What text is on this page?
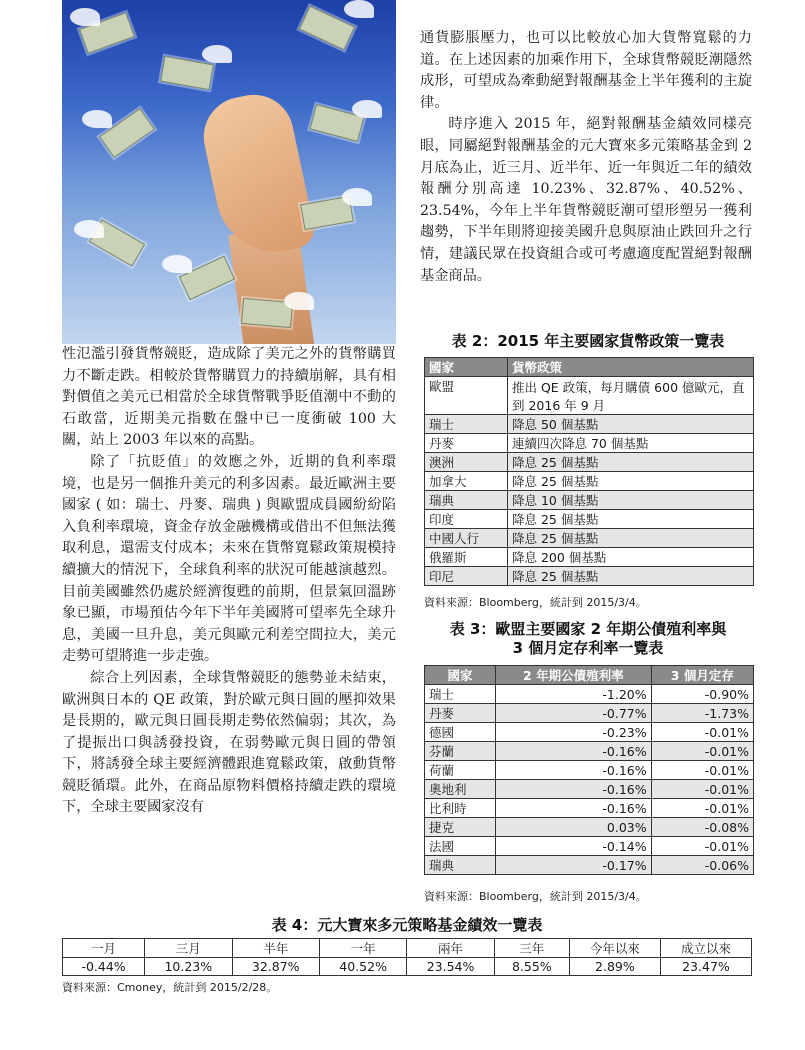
性氾濫引發貨幣競貶，造成除了美元之外的貨幣購買力不斷走跌。相較於貨幣購買力的持續崩解，具有相對價值之美元已相當於全球貨幣戰爭貶值潮中不動的石敢當，近期美元指數在盤中已一度衝破 100 大關，站上 2003 年以來的高點。

除了「抗貶值」的效應之外，近期的負利率環境，也是另一個推升美元的利多因素。最近歐洲主要國家 ( 如：瑞士、丹麥、瑞典 ) 與歐盟成員國紛紛陷入負利率環境，資金存放金融機構或借出不但無法獲取利息，還需支付成本；未來在貨幣寬鬆政策規模持續擴大的情況下，全球負利率的狀況可能越演越烈。目前美國雖然仍處於經濟復甦的前期，但景氣回溫跡象已顯，市場預估今年下半年美國將可望率先全球升息，美國一旦升息，美元與歐元利差空間拉大，美元走勢可望將進一步走強。

綜合上列因素，全球貨幣競貶的態勢並未結束，歐洲與日本的 QE 政策，對於歐元與日圓的壓抑效果是長期的，歐元與日圓長期走勢依然偏弱；其次，為了提振出口與誘發投資，在弱勢歐元與日圓的帶領下，將誘發全球主要經濟體跟進寬鬆政策，啟動貨幣競貶循環。此外，在商品原物料價格持續走跌的環境下，全球主要國家沒有

通貨膨脹壓力，也可以比較放心加大貨幣寬鬆的力道。在上述因素的加乘作用下，全球貨幣競貶潮隱然成形，可望成為牽動絕對報酬基金上半年獲利的主旋律。

時序進入 2015 年，絕對報酬基金績效同樣亮眼，同屬絕對報酬基金的元大寶來多元策略基金到 2 月底為止，近三月、近半年、近一年與近二年的績效報酬分別高達 10.23%、32.87%、40.52%、23.54%，今年上半年貨幣競貶潮可望形塑另一獲利趨勢，下半年則將迎接美國升息與原油止跌回升之行情，建議民眾在投資組合或可考慮適度配置絕對報酬基金商品。

表 2：2015 年主要國家貨幣政策一覽表
國家	貨幣政策
歐盟	推出 QE 政策，每月購債 600 億歐元，直到 2016 年 9 月
瑞士	降息 50 個基點
丹麥	連續四次降息 70 個基點
澳洲	降息 25 個基點
加拿大	降息 25 個基點
瑞典	降息 10 個基點
印度	降息 25 個基點
中國人行	降息 25 個基點
俄羅斯	降息 200 個基點
印尼	降息 25 個基點
資料來源：Bloomberg，統計到 2015/3/4。
表 3：歐盟主要國家 2 年期公債殖利率與
3 個月定存利率一覽表
國家	2 年期公債殖利率	3 個月定存
瑞士	-1.20%	-0.90%
丹麥	-0.77%	-1.73%
德國	-0.23%	-0.01%
芬蘭	-0.16%	-0.01%
荷蘭	-0.16%	-0.01%
奧地利	-0.16%	-0.01%
比利時	-0.16%	-0.01%
捷克	0.03%	-0.08%
法國	-0.14%	-0.01%
瑞典	-0.17%	-0.06%
資料來源：Bloomberg，統計到 2015/3/4。
表 4：元大寶來多元策略基金績效一覽表
一月	三月	半年	一年	兩年	三年	今年以來	成立以來
-0.44%	10.23%	32.87%	40.52%	23.54%	8.55%	2.89%	23.47%
資料來源：Cmoney，統計到 2015/2/28。
